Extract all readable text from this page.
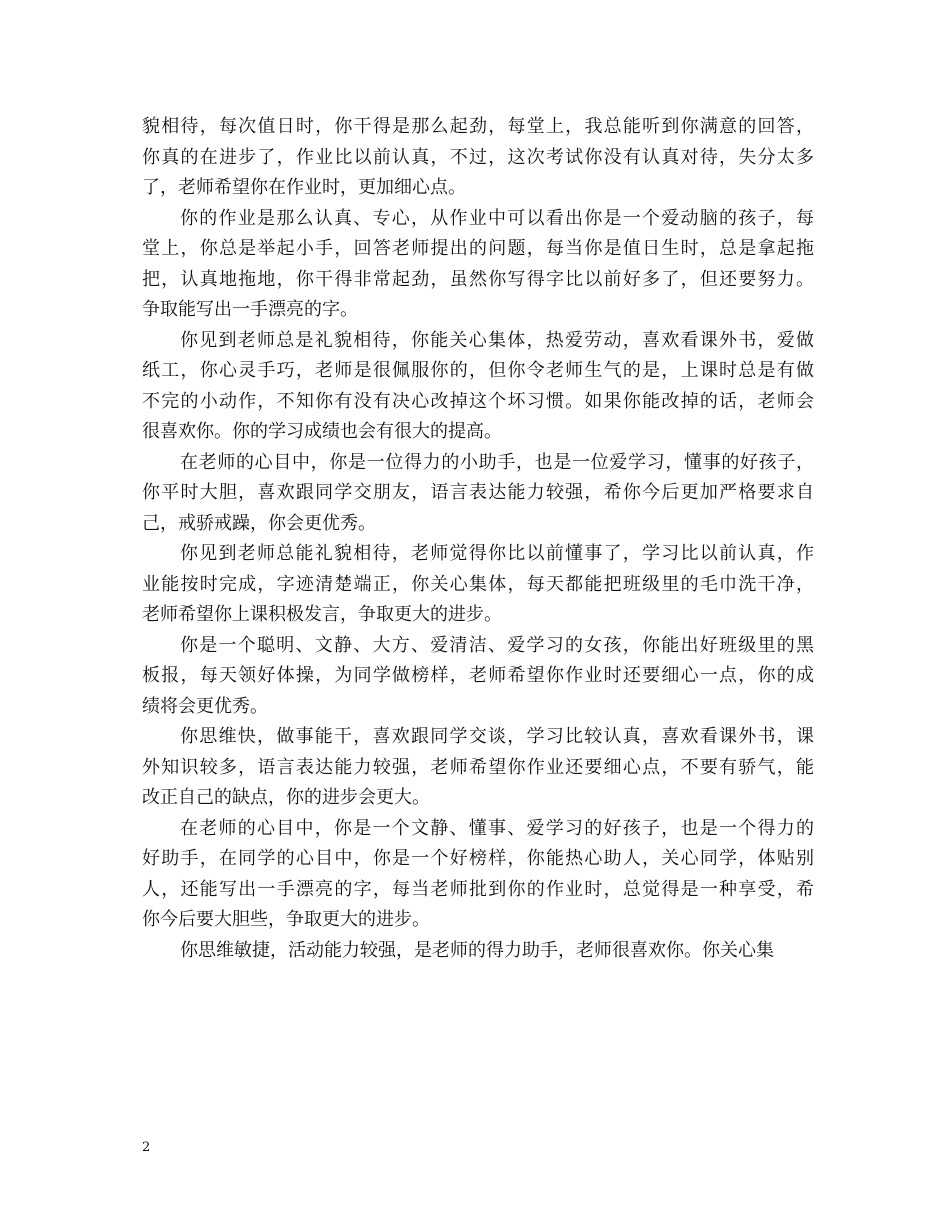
貌相待，每次值日时，你干得是那么起劲，每堂上，我总能听到你满意的回答，
你真的在进步了，作业比以前认真，不过，这次考试你没有认真对待，失分太多
了，老师希望你在作业时，更加细心点。
你的作业是那么认真、专心，从作业中可以看出你是一个爱动脑的孩子，每
堂上，你总是举起小手，回答老师提出的问题，每当你是值日生时，总是拿起拖
把，认真地拖地，你干得非常起劲，虽然你写得字比以前好多了，但还要努力。
争取能写出一手漂亮的字。
你见到老师总是礼貌相待，你能关心集体，热爱劳动，喜欢看课外书，爱做
纸工，你心灵手巧，老师是很佩服你的，但你令老师生气的是，上课时总是有做
不完的小动作，不知你有没有决心改掉这个坏习惯。如果你能改掉的话，老师会
很喜欢你。你的学习成绩也会有很大的提高。
在老师的心目中，你是一位得力的小助手，也是一位爱学习，懂事的好孩子，
你平时大胆，喜欢跟同学交朋友，语言表达能力较强，希你今后更加严格要求自
己，戒骄戒躁，你会更优秀。
你见到老师总能礼貌相待，老师觉得你比以前懂事了，学习比以前认真，作
业能按时完成，字迹清楚端正，你关心集体，每天都能把班级里的毛巾洗干净，
老师希望你上课积极发言，争取更大的进步。
你是一个聪明、文静、大方、爱清洁、爱学习的女孩，你能出好班级里的黑
板报，每天领好体操，为同学做榜样，老师希望你作业时还要细心一点，你的成
绩将会更优秀。
你思维快，做事能干，喜欢跟同学交谈，学习比较认真，喜欢看课外书，课
外知识较多，语言表达能力较强，老师希望你作业还要细心点，不要有骄气，能
改正自己的缺点，你的进步会更大。
在老师的心目中，你是一个文静、懂事、爱学习的好孩子，也是一个得力的
好助手，在同学的心目中，你是一个好榜样，你能热心助人，关心同学，体贴别
人，还能写出一手漂亮的字，每当老师批到你的作业时，总觉得是一种享受，希
你今后要大胆些，争取更大的进步。
你思维敏捷，活动能力较强，是老师的得力助手，老师很喜欢你。你关心集
2
